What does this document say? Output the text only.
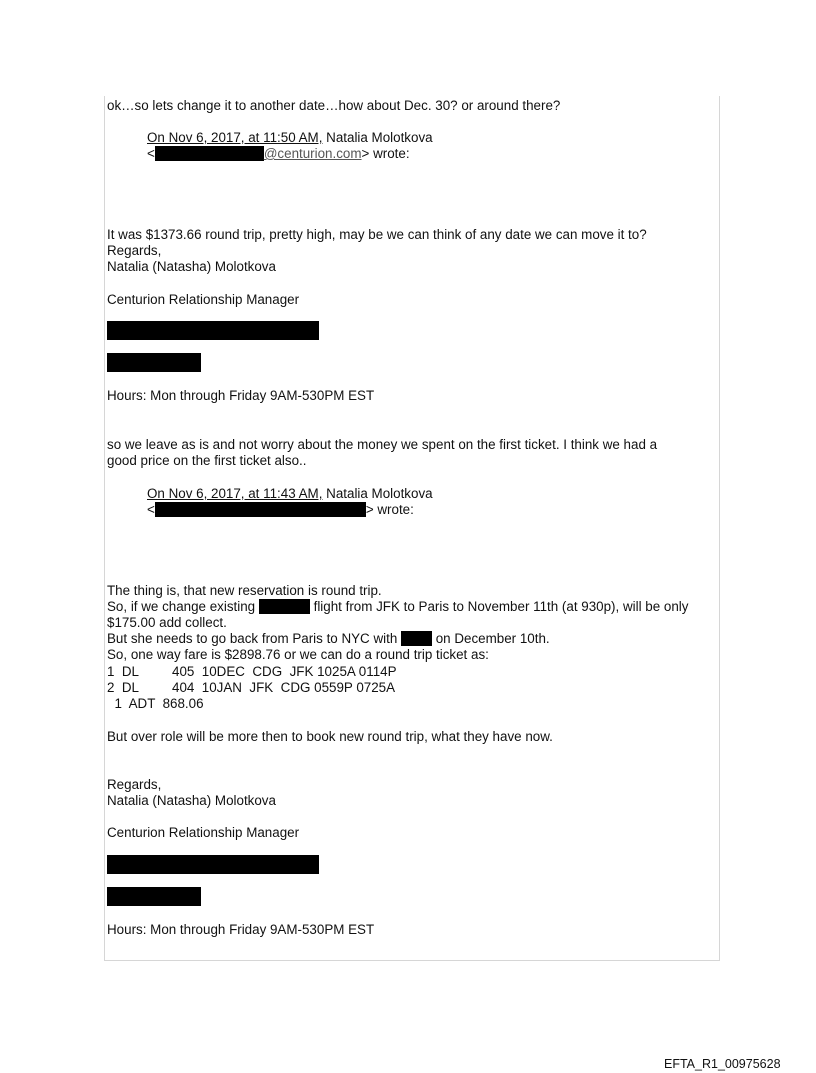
ok…so lets change it to another date…how about Dec. 30? or around there?
On Nov 6, 2017, at 11:50 AM, Natalia Molotkova
<	@centurion.com> wrote:
It was $1373.66 round trip, pretty high, may be we can think of any date we can move it to?
Regards,
Natalia (Natasha) Molotkova
Centurion Relationship Manager
Hours: Mon through Friday 9AM-530PM EST
so we leave as is and not worry about the money we spent on the first ticket. I think we had a
good price on the first ticket also..
On Nov 6, 2017, at 11:43 AM, Natalia Molotkova
<	> wrote:
The thing is, that new reservation is round trip.
So, if we change existing	flight from JFK to Paris to November 11th (at 930p), will be only
$175.00 add collect.
But she needs to go back from Paris to NYC with	on December 10th.
So, one way fare is $2898.76 or we can do a round trip ticket as:
1  DL         405  10DEC  CDG  JFK 1025A 0114P
2  DL         404  10JAN  JFK  CDG 0559P 0725A
1  ADT  868.06
But over role will be more then to book new round trip, what they have now.
Regards,
Natalia (Natasha) Molotkova
Centurion Relationship Manager
Hours: Mon through Friday 9AM-530PM EST
EFTA_R1_00975628
